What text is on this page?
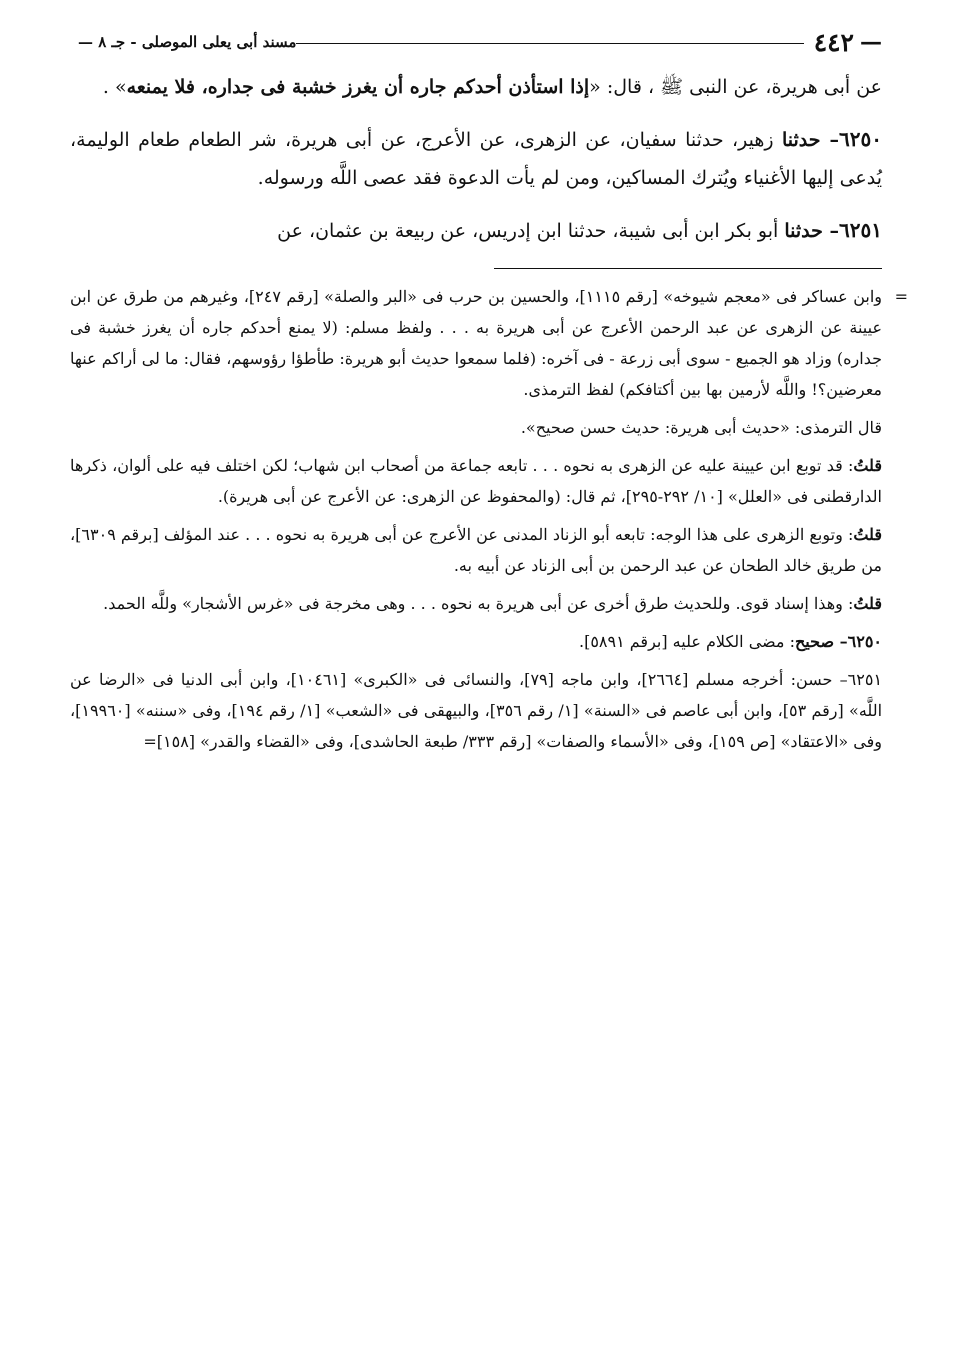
—
٤٤٢
مسند أبى يعلى الموصلى - جـ ٨ —

عن أبى هريرة، عن النبى ﷺ ، قال: «إذا استأذن أحدكم جاره أن يغرز خشبة فى جداره، فلا يمنعه» .

٦٢٥٠– حدثنا زهير، حدثنا سفيان، عن الزهرى، عن الأعرج، عن أبى هريرة، شر الطعام طعام الوليمة، يُدعى إليها الأغنياء ويُترك المساكين، ومن لم يأت الدعوة فقد عصى اللَّه ورسوله.

٦٢٥١– حدثنا أبو بكر ابن أبى شيبة، حدثنا ابن إدريس، عن ربيعة بن عثمان، عن

= وابن عساكر فى «معجم شيوخه» [رقم ١١١٥]، والحسين بن حرب فى «البر والصلة» [رقم ٢٤٧]، وغيرهم من طرق عن ابن عيينة عن الزهرى عن عبد الرحمن الأعرج عن أبى هريرة به . . . ولفظ مسلم: (لا يمنع أحدكم جاره أن يغرز خشبة فى جداره) وزاد هو الجميع - سوى أبى زرعة - فى آخره: (فلما سمعوا حديث أبو هريرة: طأطؤا رؤوسهم، فقال: ما لى أراكم عنها معرضين؟! واللَّه لأرمين بها بين أكتافكم) لفظ الترمذى.

قال الترمذى: «حديث أبى هريرة: حديث حسن صحيح».

قلتُ: قد توبع ابن عيينة عليه عن الزهرى به نحوه . . . تابعه جماعة من أصحاب ابن شهاب؛ لكن اختلف فيه على ألوان، ذكرها الدارقطنى فى «العلل» [١٠/ ٢٩٢-٢٩٥]، ثم قال: (والمحفوظ عن الزهرى: عن الأعرج عن أبى هريرة).

قلتُ: وتوبع الزهرى على هذا الوجه: تابعه أبو الزناد المدنى عن الأعرج عن أبى هريرة به نحوه . . . عند المؤلف [برقم ٦٣٠٩]، من طريق خالد الطحان عن عبد الرحمن بن أبى الزناد عن أبيه به.

قلتُ: وهذا إسناد قوى. وللحديث طرق أخرى عن أبى هريرة به نحوه . . . وهى مخرجة فى «غرس الأشجار» وللَّه الحمد.

٦٢٥٠– صحيح: مضى الكلام عليه [برقم ٥٨٩١].

٦٢٥١– حسن: أخرجه مسلم [٢٦٦٤]، وابن ماجه [٧٩]، والنسائى فى «الكبرى» [١٠٤٦١]، وابن أبى الدنيا فى «الرضا عن اللَّه» [رقم ٥٣]، وابن أبى عاصم فى «السنة» [١/ رقم ٣٥٦]، والبيهقى فى «الشعب» [١/ رقم ١٩٤]، وفى «سننه» [١٩٩٦٠]، وفى «الاعتقاد» [ص ١٥٩]، وفى «الأسماء والصفات» [رقم ٣٣٣/ طبعة الحاشدى]، وفى «القضاء والقدر» [١٥٨]=
